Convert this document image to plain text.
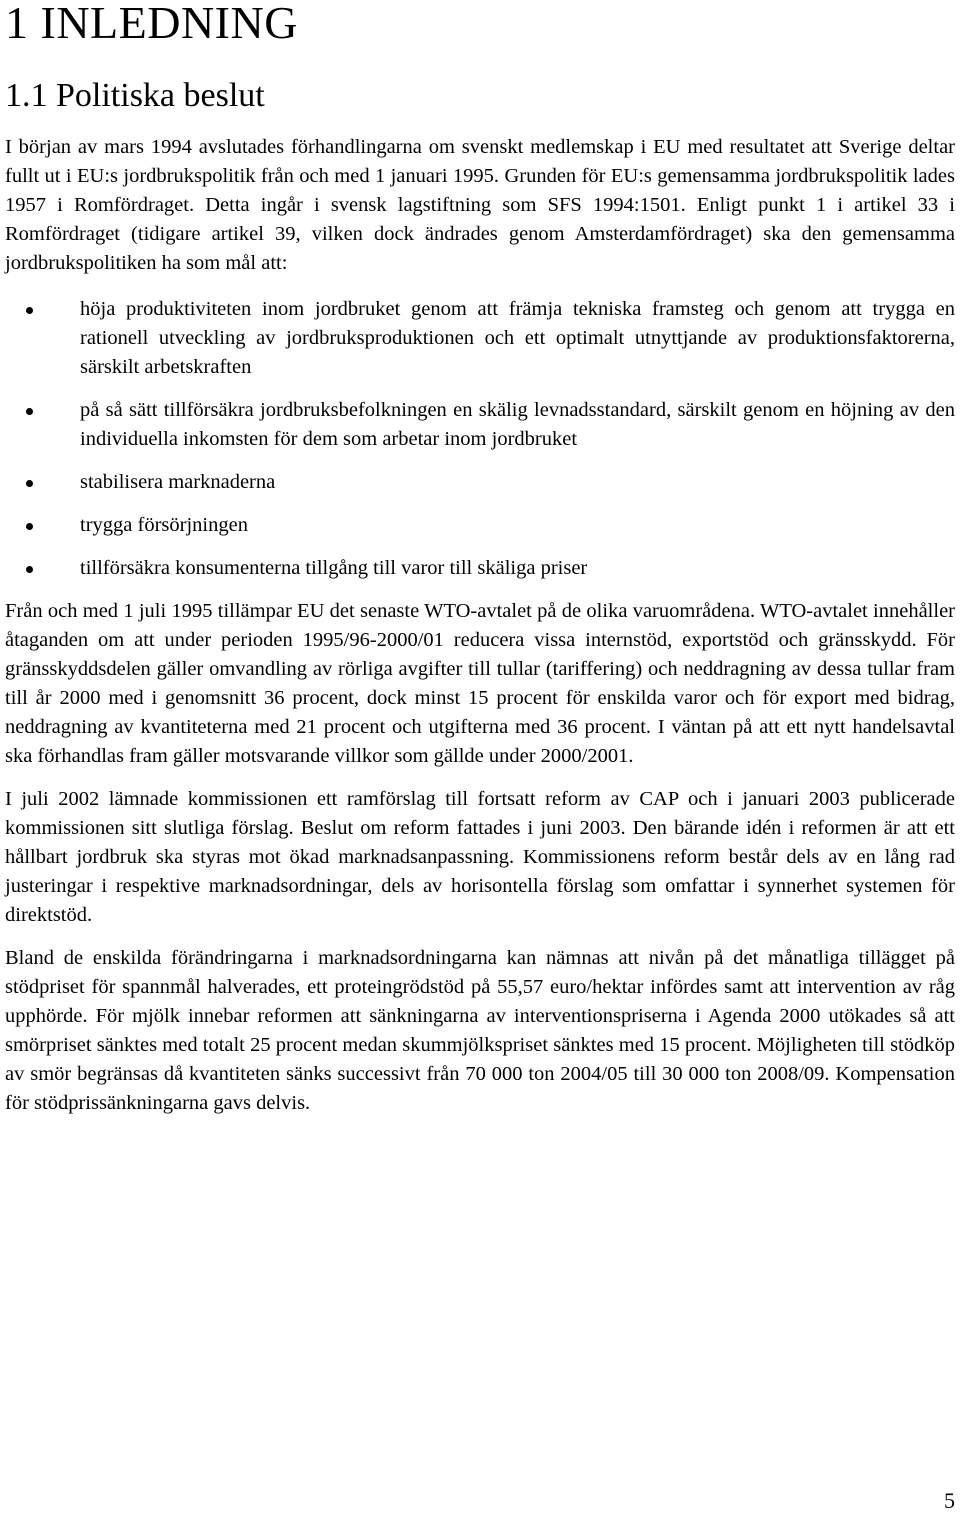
1 INLEDNING
1.1 Politiska beslut

I början av mars 1994 avslutades förhandlingarna om svenskt medlemskap i EU med resultatet att Sverige deltar fullt ut i EU:s jordbrukspolitik från och med 1 januari 1995. Grunden för EU:s gemensamma jordbrukspolitik lades 1957 i Romfördraget. Detta ingår i svensk lagstiftning som SFS 1994:1501. Enligt punkt 1 i artikel 33 i Romfördraget (tidigare artikel 39, vilken dock ändrades genom Amsterdamfördraget) ska den gemensamma jordbrukspolitiken ha som mål att:

höja produktiviteten inom jordbruket genom att främja tekniska framsteg och genom att trygga en rationell utveckling av jordbruksproduktionen och ett optimalt utnyttjande av produktionsfaktorerna, särskilt arbetskraften
på så sätt tillförsäkra jordbruksbefolkningen en skälig levnadsstandard, särskilt genom en höjning av den individuella inkomsten för dem som arbetar inom jordbruket
stabilisera marknaderna
trygga försörjningen
tillförsäkra konsumenterna tillgång till varor till skäliga priser

Från och med 1 juli 1995 tillämpar EU det senaste WTO-avtalet på de olika varuområdena. WTO-avtalet innehåller åtaganden om att under perioden 1995/96-2000/01 reducera vissa internstöd, exportstöd och gränsskydd. För gränsskyddsdelen gäller omvandling av rörliga avgifter till tullar (tariffering) och neddragning av dessa tullar fram till år 2000 med i genomsnitt 36 procent, dock minst 15 procent för enskilda varor och för export med bidrag, neddragning av kvantiteterna med 21 procent och utgifterna med 36 procent. I väntan på att ett nytt handelsavtal ska förhandlas fram gäller motsvarande villkor som gällde under 2000/2001.

I juli 2002 lämnade kommissionen ett ramförslag till fortsatt reform av CAP och i januari 2003 publicerade kommissionen sitt slutliga förslag. Beslut om reform fattades i juni 2003. Den bärande idén i reformen är att ett hållbart jordbruk ska styras mot ökad marknadsanpassning. Kommissionens reform består dels av en lång rad justeringar i respektive marknadsordningar, dels av horisontella förslag som omfattar i synnerhet systemen för direktstöd.

Bland de enskilda förändringarna i marknadsordningarna kan nämnas att nivån på det månatliga tillägget på stödpriset för spannmål halverades, ett proteingrödstöd på 55,57 euro/hektar infördes samt att intervention av råg upphörde. För mjölk innebar reformen att sänkningarna av interventionspriserna i Agenda 2000 utökades så att smörpriset sänktes med totalt 25 procent medan skummjölkspriset sänktes med 15 procent. Möjligheten till stödköp av smör begränsas då kvantiteten sänks successivt från 70 000 ton 2004/05 till 30 000 ton 2008/09. Kompensation för stödprissänkningarna gavs delvis.

5
